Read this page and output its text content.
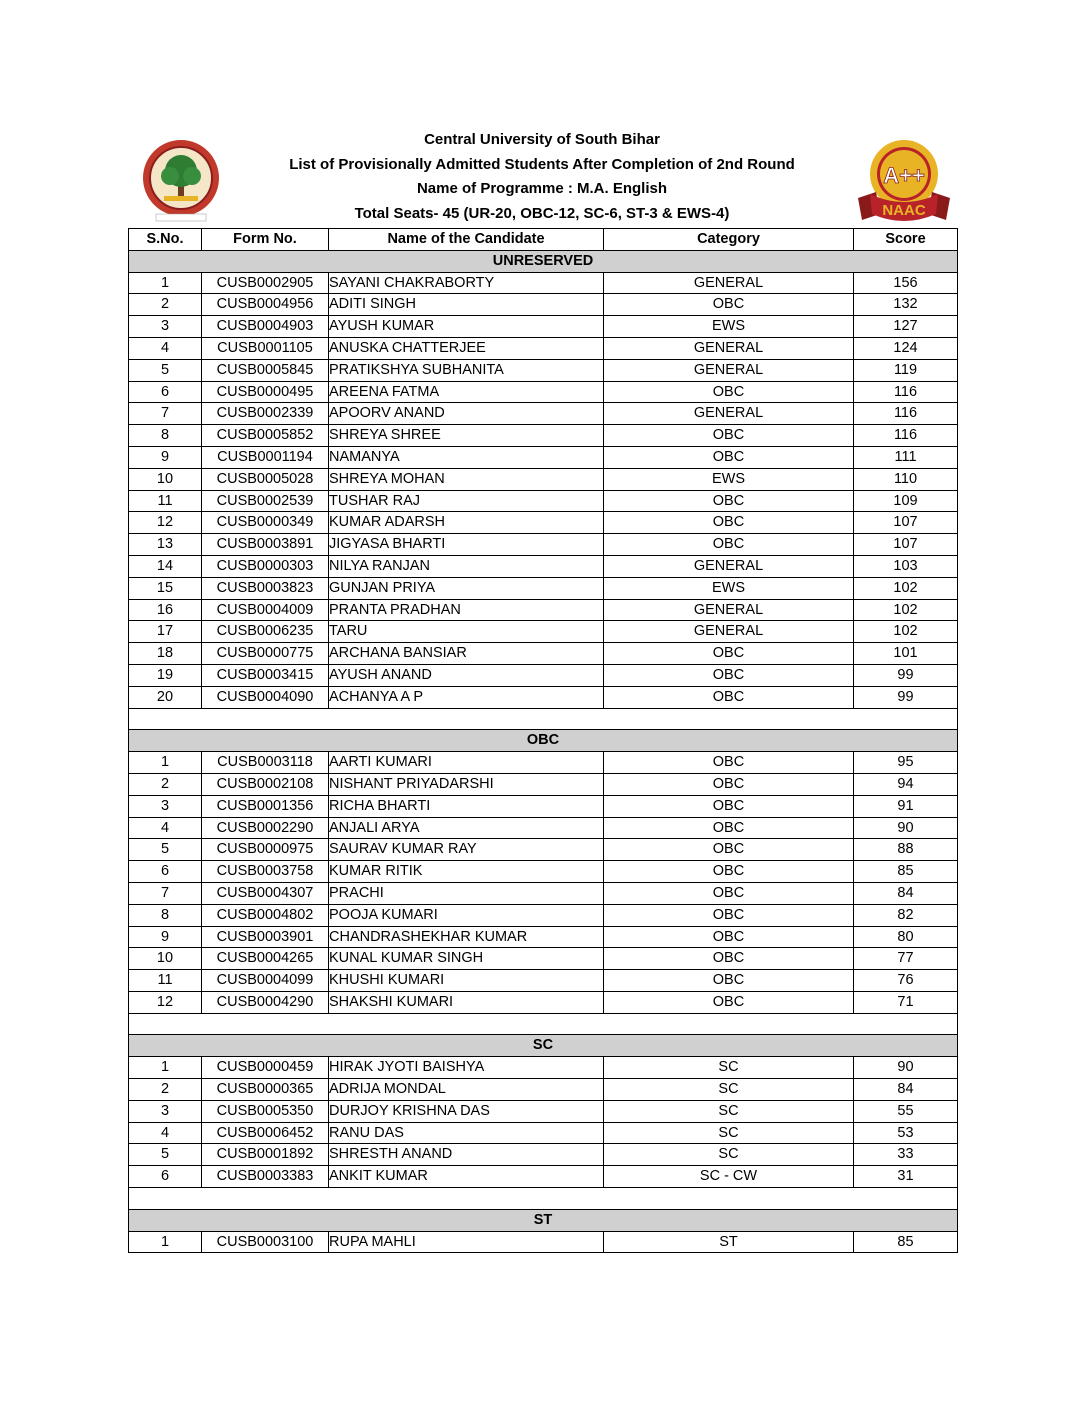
Central University of South Bihar
List of Provisionally Admitted Students After Completion of 2nd Round
Name of Programme : M.A. English
Total Seats- 45 (UR-20, OBC-12, SC-6, ST-3 & EWS-4)
A++
NAAC
S.No.	Form No.	Name of the Candidate	Category	Score
UNRESERVED				
1	CUSB0002905	SAYANI CHAKRABORTY	GENERAL	156
2	CUSB0004956	ADITI SINGH	OBC	132
3	CUSB0004903	AYUSH KUMAR	EWS	127
4	CUSB0001105	ANUSKA CHATTERJEE	GENERAL	124
5	CUSB0005845	PRATIKSHYA SUBHANITA	GENERAL	119
6	CUSB0000495	AREENA FATMA	OBC	116
7	CUSB0002339	APOORV ANAND	GENERAL	116
8	CUSB0005852	SHREYA SHREE	OBC	116
9	CUSB0001194	NAMANYA	OBC	111
10	CUSB0005028	SHREYA MOHAN	EWS	110
11	CUSB0002539	TUSHAR RAJ	OBC	109
12	CUSB0000349	KUMAR ADARSH	OBC	107
13	CUSB0003891	JIGYASA BHARTI	OBC	107
14	CUSB0000303	NILYA RANJAN	GENERAL	103
15	CUSB0003823	GUNJAN PRIYA	EWS	102
16	CUSB0004009	PRANTA PRADHAN	GENERAL	102
17	CUSB0006235	TARU	GENERAL	102
18	CUSB0000775	ARCHANA BANSIAR	OBC	101
19	CUSB0003415	AYUSH ANAND	OBC	99
20	CUSB0004090	ACHANYA A P	OBC	99

OBC				
1	CUSB0003118	AARTI KUMARI	OBC	95
2	CUSB0002108	NISHANT PRIYADARSHI	OBC	94
3	CUSB0001356	RICHA BHARTI	OBC	91
4	CUSB0002290	ANJALI ARYA	OBC	90
5	CUSB0000975	SAURAV KUMAR RAY	OBC	88
6	CUSB0003758	KUMAR RITIK	OBC	85
7	CUSB0004307	PRACHI	OBC	84
8	CUSB0004802	POOJA KUMARI	OBC	82
9	CUSB0003901	CHANDRASHEKHAR KUMAR	OBC	80
10	CUSB0004265	KUNAL KUMAR SINGH	OBC	77
11	CUSB0004099	KHUSHI KUMARI	OBC	76
12	CUSB0004290	SHAKSHI KUMARI	OBC	71

SC				
1	CUSB0000459	HIRAK JYOTI BAISHYA	SC	90
2	CUSB0000365	ADRIJA MONDAL	SC	84
3	CUSB0005350	DURJOY KRISHNA DAS	SC	55
4	CUSB0006452	RANU DAS	SC	53
5	CUSB0001892	SHRESTH ANAND	SC	33
6	CUSB0003383	ANKIT KUMAR	SC - CW	31

ST				
1	CUSB0003100	RUPA MAHLI	ST	85
